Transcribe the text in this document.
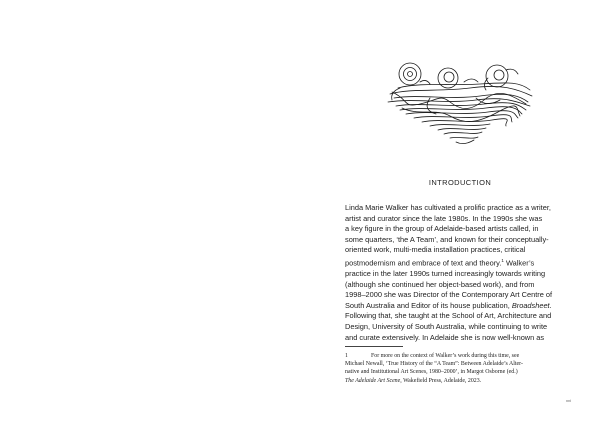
INTRODUCTION

Linda Marie Walker has cultivated a prolific practice as a writer,
artist and curator since the late 1980s. In the 1990s she was
a key figure in the group of Adelaide-based artists called, in
some quarters, ‘the A Team’, and known for their conceptually-
oriented work, multi-media installation practices, critical
postmodernism and embrace of text and theory.$^1$ Walker’s
practice in the later 1990s turned increasingly towards writing
(although she continued her object-based work), and from
1998–2000 she was Director of the Contemporary Art Centre of
South Australia and Editor of its house publication, Broadsheet.
Following that, she taught at the School of Art, Architecture and
Design, University of South Australia, while continuing to write
and curate extensively. In Adelaide she is now well-known as

1	For more on the context of Walker’s work during this time, see
Michael Newall, ‘True History of the “A Team”: Between Adelaide’s Alter-
native and Institutional Art Scenes, 1980–2000’, in Margot Osborne (ed.)
The Adelaide Art Scene, Wakefield Press, Adelaide, 2023.
xvi
